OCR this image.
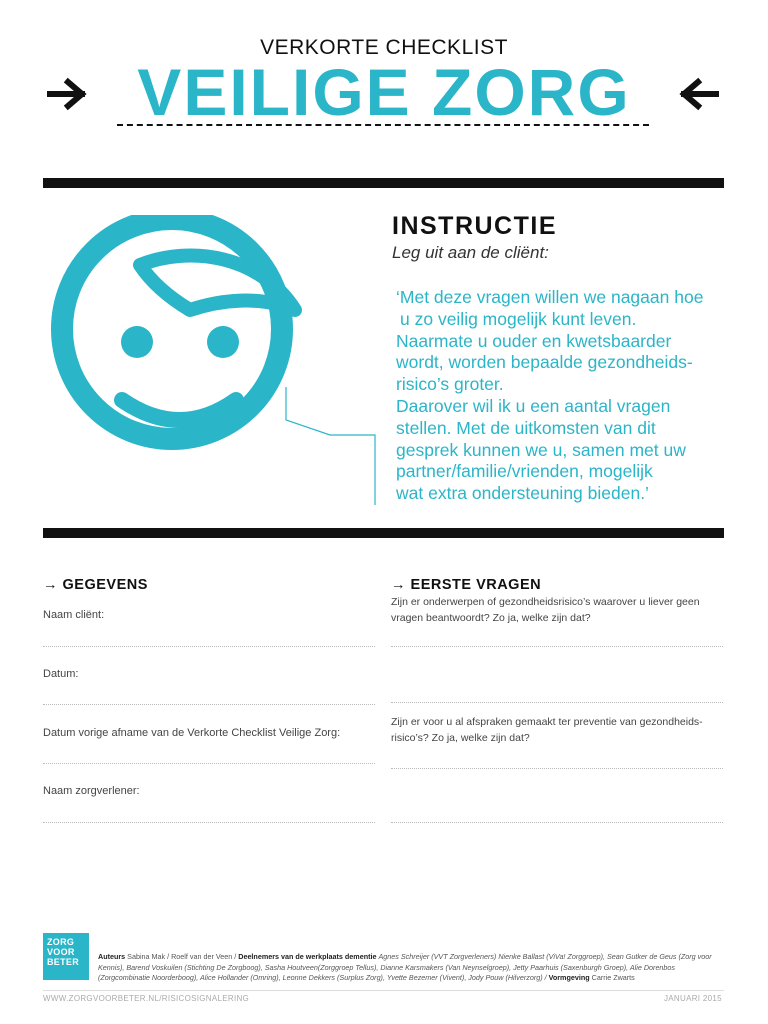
VERKORTE CHECKLIST
VEILIGE ZORG
INSTRUCTIE
Leg uit aan de cliënt:
‘Met deze vragen willen we nagaan hoe
u zo veilig mogelijk kunt leven.
Naarmate u ouder en kwetsbaarder
wordt, worden bepaalde gezondheids-
risico’s groter.
Daarover wil ik u een aantal vragen
stellen. Met de uitkomsten van dit
gesprek kunnen we u, samen met uw
partner/familie/vrienden, mogelijk
wat extra ondersteuning bieden.’
→ GEGEVENS
Naam cliënt:
Datum:
Datum vorige afname van de Verkorte Checklist Veilige Zorg:
Naam zorgverlener:
→ EERSTE VRAGEN
Zijn er onderwerpen of gezondheidsrisico’s waarover u liever geen
vragen beantwoordt? Zo ja, welke zijn dat?
Zijn er voor u al afspraken gemaakt ter preventie van gezondheids-
risico’s? Zo ja, welke zijn dat?
ZORG
VOOR
BETER
Auteurs Sabina Mak / Roelf van der Veen / Deelnemers van de werkplaats dementie Agnes Schreijer (VVT Zorgverleners) Nienke Ballast (ViVa! Zorggroep), Sean Gutker de Geus (Zorg voor Kennis), Barend Voskuilen (Stichting De Zorgboog), Sasha Houtveen(Zorggroep Tellus), Dianne Karsmakers (Van Neynselgroep), Jetty Paarhuis (Saxenburgh Groep), Alie Dorenbos (Zorgcombinatie Noorderboog), Alice Hollander (Omring), Leonne Dekkers (Surplus Zorg), Yvette Bezemer (Vivent), Jody Pouw (Hilverzorg) / Vormgeving Carrie Zwarts
WWW.ZORGVOORBETER.NL/RISICOSIGNALERING	JANUARI 2015
